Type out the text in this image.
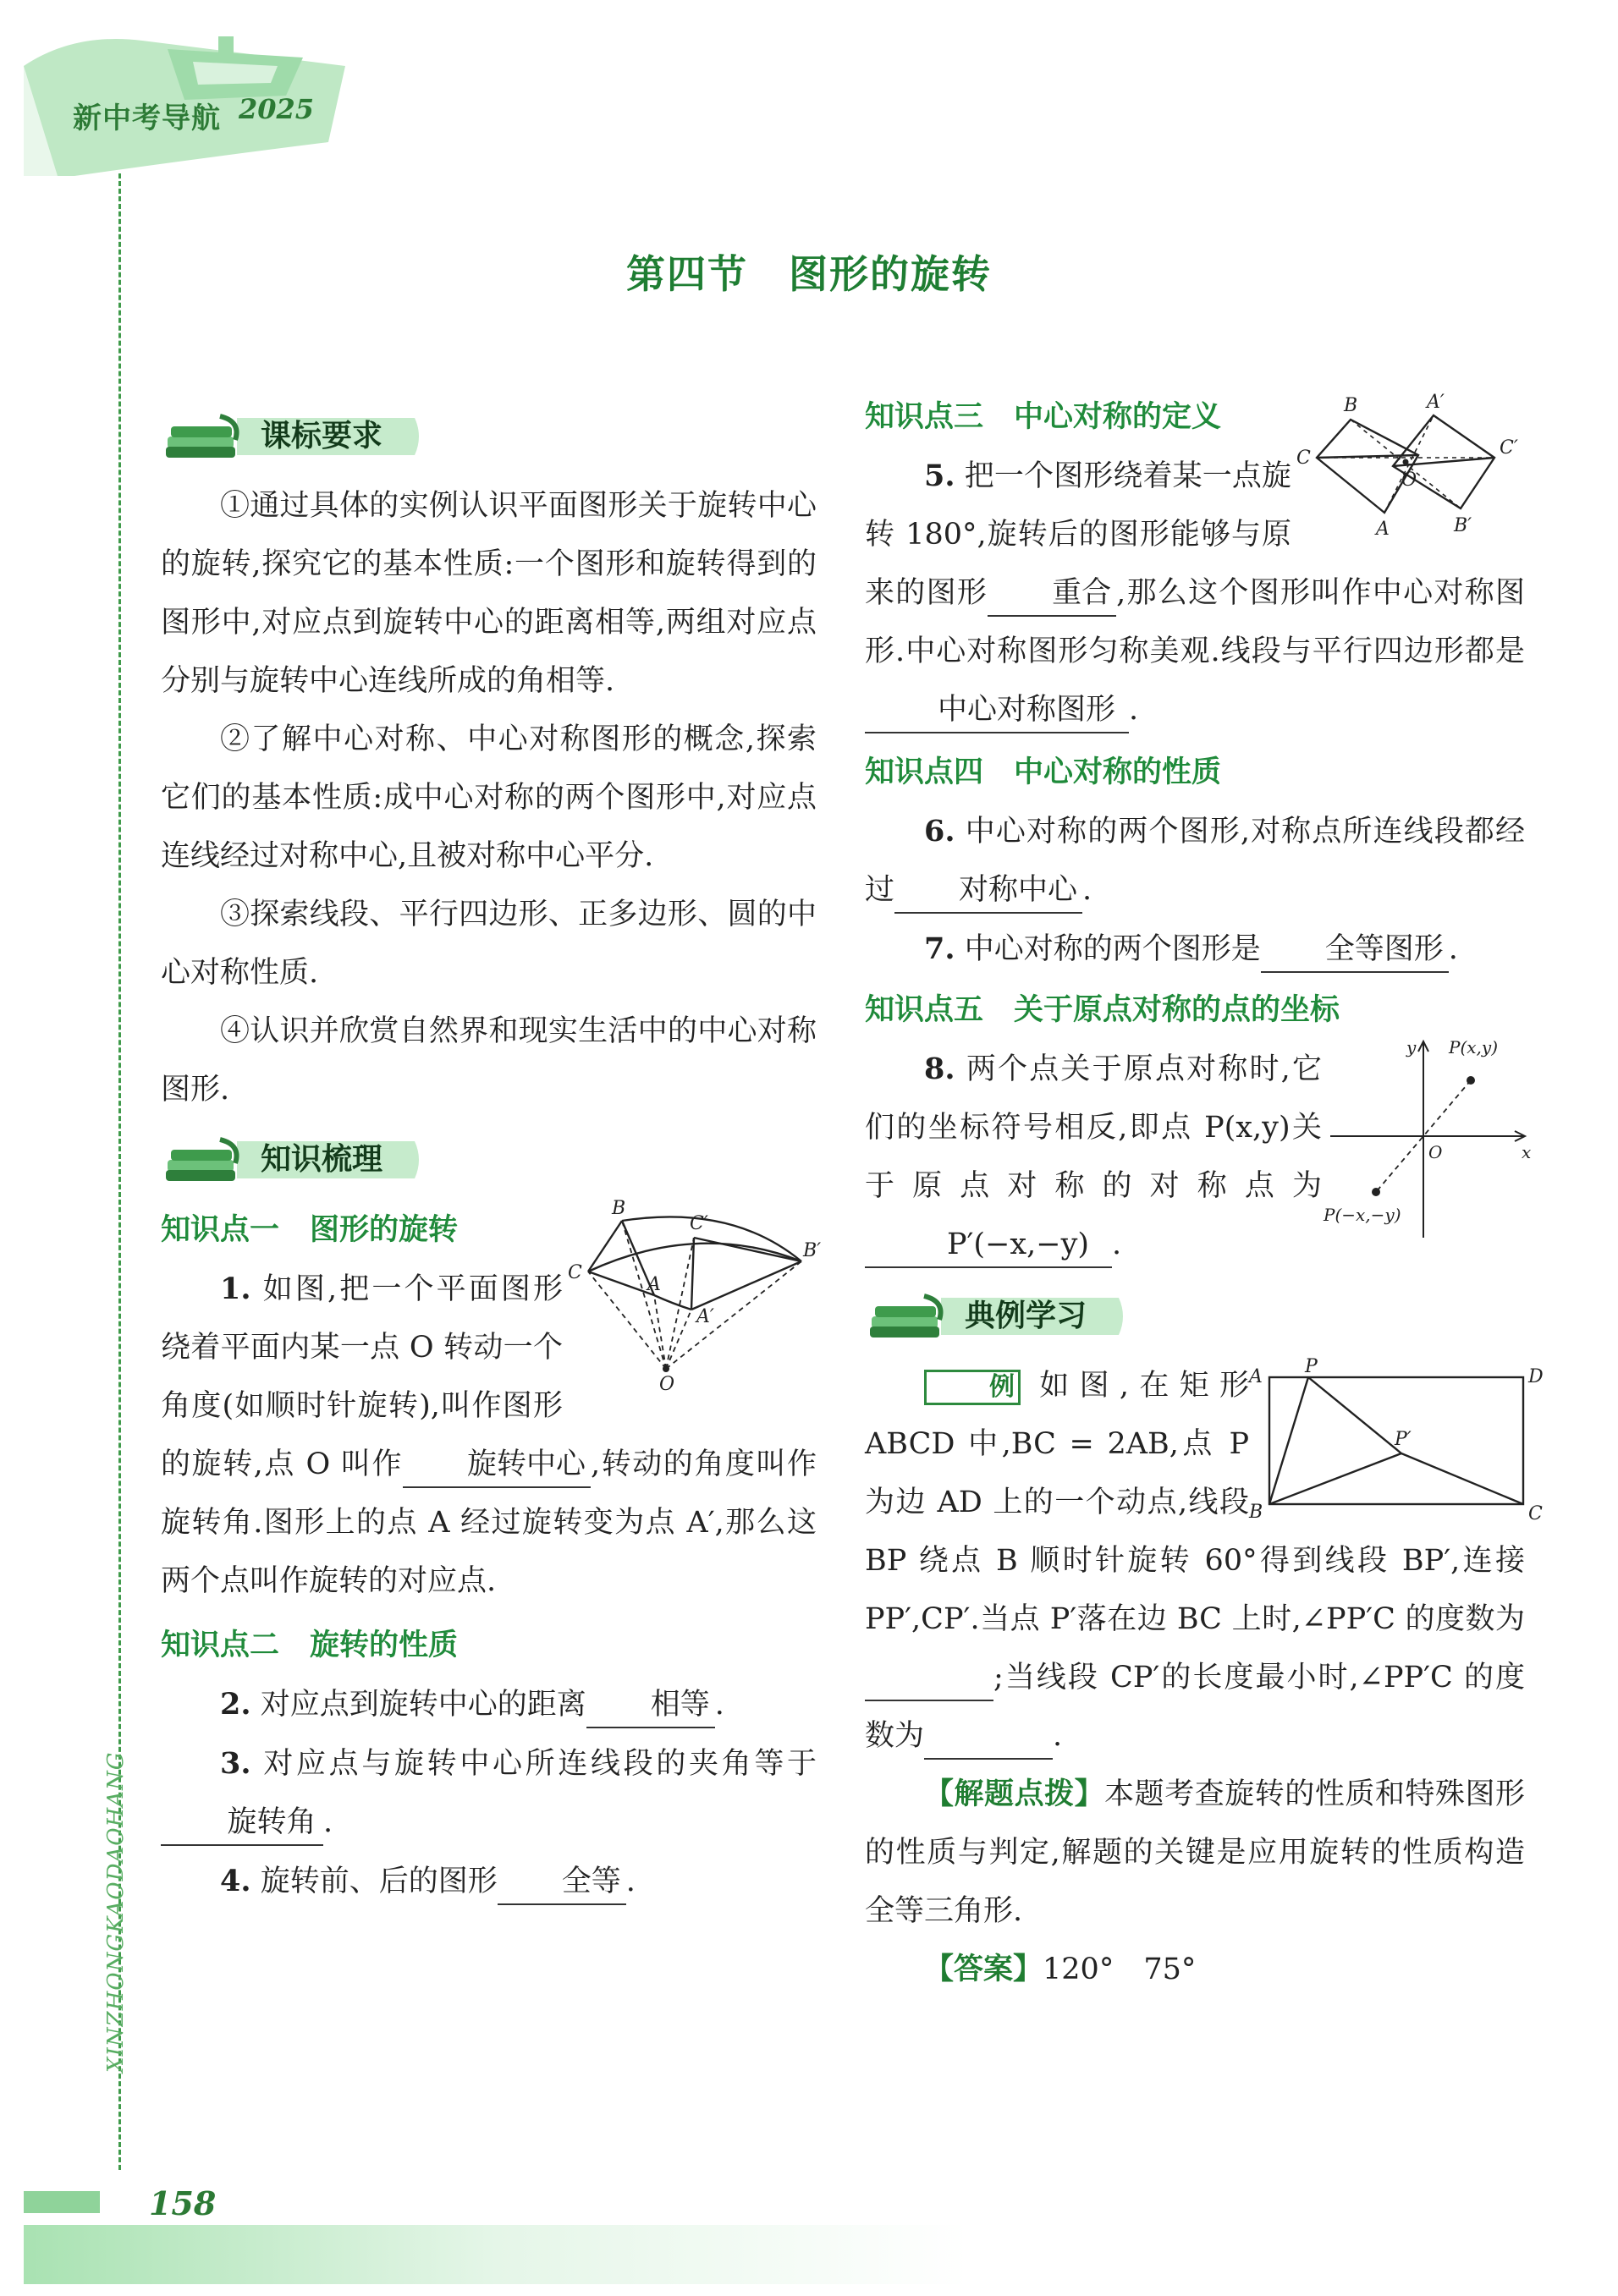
新中考导航 2025
XINZHONGKAODAOHANG
第四节　图形的旋转
课标要求

①通过具体的实例认识平面图形关于旋转中心的旋转,探究它的基本性质:一个图形和旋转得到的图形中,对应点到旋转中心的距离相等,两组对应点分别与旋转中心连线所成的角相等.

②了解中心对称、中心对称图形的概念,探索它们的基本性质:成中心对称的两个图形中,对应点连线经过对称中心,且被对称中心平分.

③探索线段、平行四边形、正多边形、圆的中心对称性质.

④认识并欣赏自然界和现实生活中的中心对称图形.

知识梳理
B
C′
B′
C
A
A′
O
知识点一 图形的旋转

1. 如图,把一个平面图形绕着平面内某一点 O 转动一个角度(如顺时针旋转),叫作图形的旋转,点 O 叫作 旋转中心 ,转动的角度叫作旋转角.图形上的点 A 经过旋转变为点 A′,那么这两个点叫作旋转的对应点.

知识点二 旋转的性质

2. 对应点到旋转中心的距离 相等 .

3. 对应点与旋转中心所连线段的夹角等于旋转角 .

4. 旋转前、后的图形 全等 .

B	A′
C
O
C′
A	B′
知识点三 中心对称的定义

5. 把一个图形绕着某一点旋转 180°,旋转后的图形能够与原来的图形 重合 ,那么这个图形叫作中心对称图形.中心对称图形匀称美观.线段与平行四边形都是中心对称图形 .

知识点四 中心对称的性质

6. 中心对称的两个图形,对称点所连线段都经过 对称中心 .

7. 中心对称的两个图形是 全等图形 .

知识点五 关于原点对称的点的坐标
y P(x,y)
O	x
P(−x,−y)

8. 两个点关于原点对称时,它们的坐标符号相反,即点 P(x,y)关于原点对称的对称点为P′(−x,−y) .

典例学习
A P	D
P′
B	C

例 如图,在矩形 ABCD 中,BC = 2AB,点 P 为边 AD 上的一个动点,线段 BP 绕点 B 顺时针旋转 60°得到线段 BP′,连接 PP′,CP′.当点 P′落在边 BC 上时,∠PP′C 的度数为 ;当线段 CP′的长度最小时,∠PP′C 的度数为	.

【解题点拨】本题考查旋转的性质和特殊图形的性质与判定,解题的关键是应用旋转的性质构造全等三角形.

【答案】120°　75°

158
